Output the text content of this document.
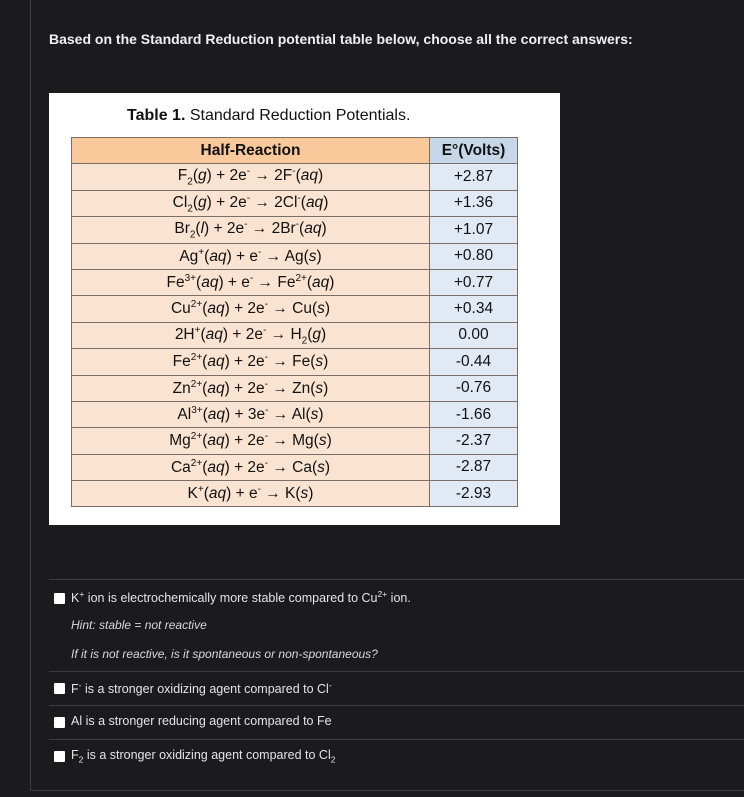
Based on the Standard Reduction potential table below, choose all the correct answers:
Table 1. Standard Reduction Potentials.
Half-Reaction	E°(Volts)
$F_2(g) + 2e^- \to 2F^-(aq)$	+2.87
$Cl_2(g) + 2e^- \to 2Cl^-(aq)$	+1.36
$Br_2(l) + 2e^- \to 2Br^-(aq)$	+1.07
Ag+(aq) + e- → Ag(s)	+0.80
$Fe^{3+}(aq) + e^- \to Fe^{2+}(aq)$	+0.77
$Cu^{2+}(aq) + 2e^- \to Cu(s)$	+0.34
$2H^+(aq) + 2e^- \to H_2(g)$	0.00
$Fe^{2+}(aq) + 2e^- \to Fe(s)$	-0.44
$Zn^{2+}(aq) + 2e^- \to Zn(s)$	-0.76
$Al^{3+}(aq) + 3e^- \to Al(s)$	-1.66
$Mg^{2+}(aq) + 2e^- \to Mg(s)$	-2.37
$Ca^{2+}(aq) + 2e^- \to Ca(s)$	-2.87
K+(aq) + e- → K(s)	-2.93
K+ ion is electrochemically more stable compared to $Cu^{2+}$ ion.
Hint: stable = not reactive
If it is not reactive, is it spontaneous or non-spontaneous?
F- is a stronger oxidizing agent compared to Cl-
Al is a stronger reducing agent compared to Fe
$F_2$ is a stronger oxidizing agent compared to $Cl_2$
